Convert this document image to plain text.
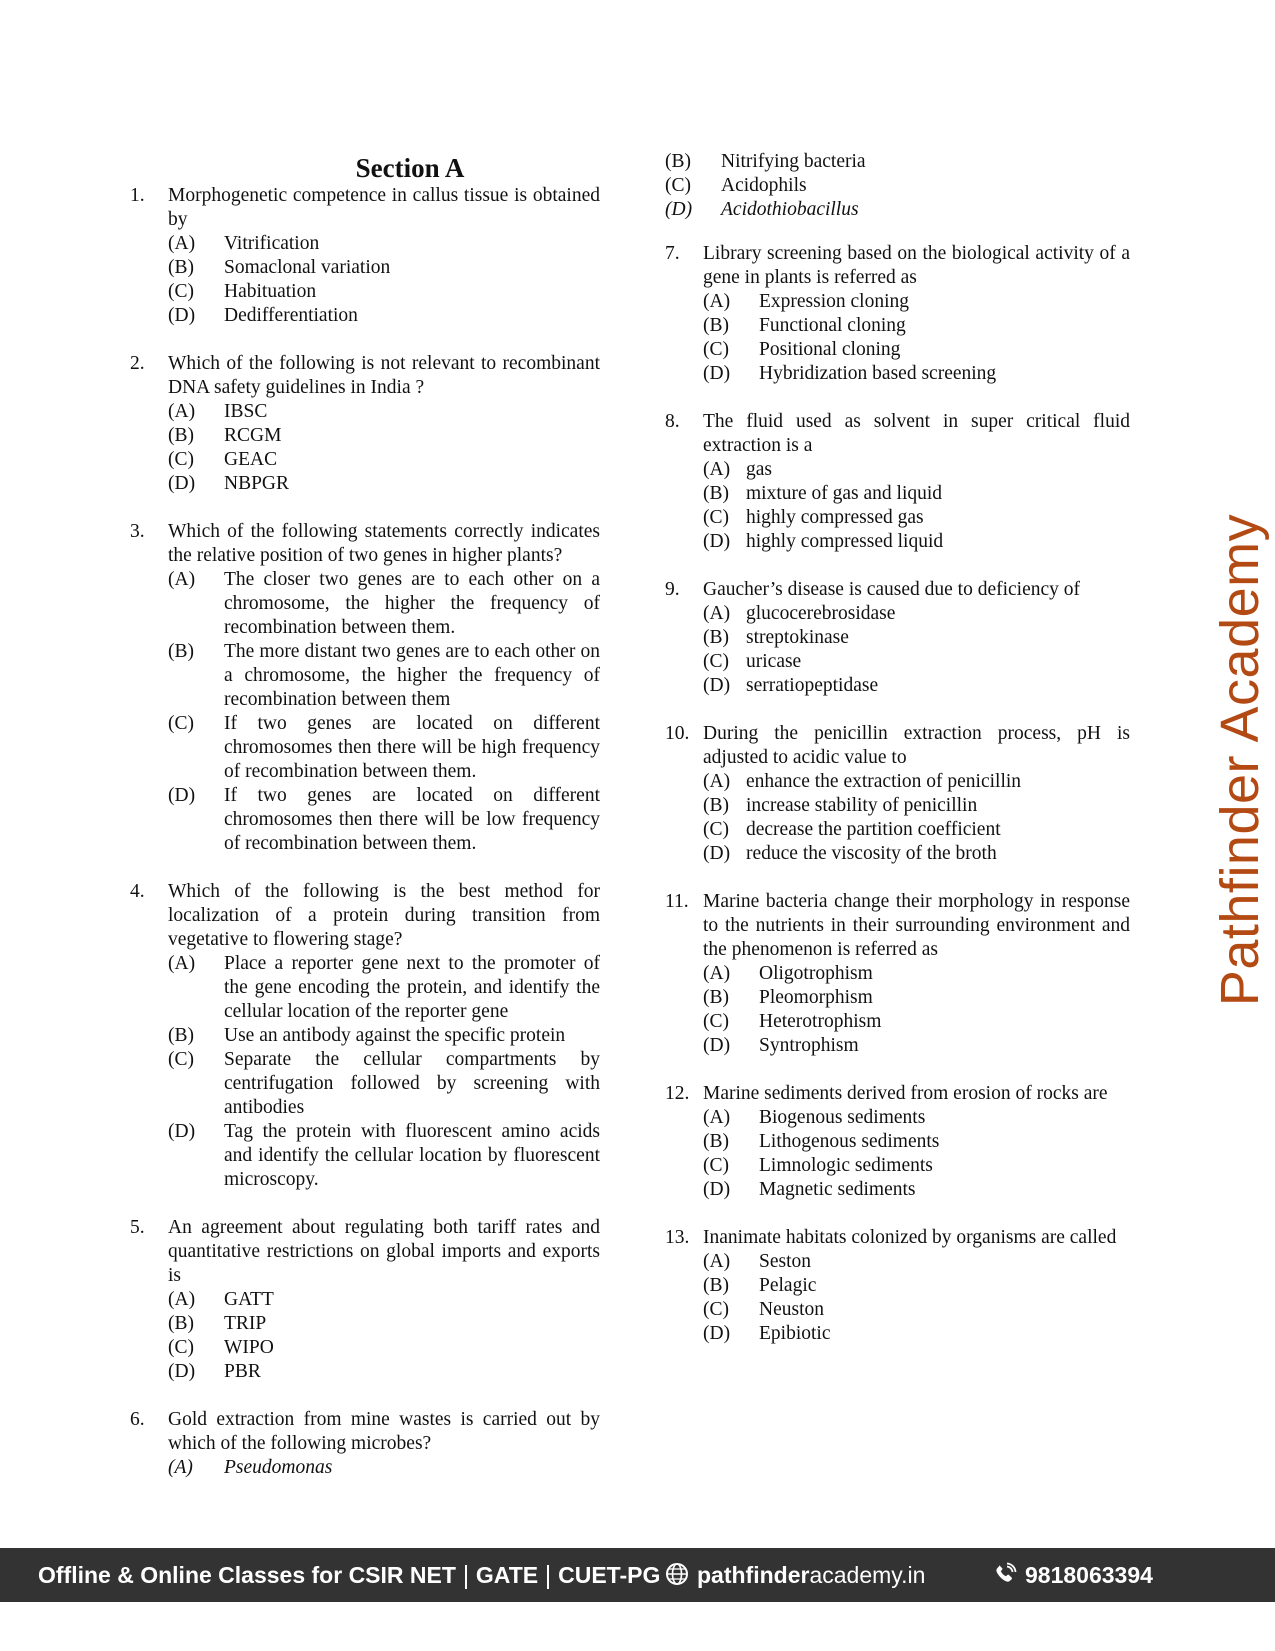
Section A
1.	Morphogenetic competence in callus tissue is obtained by
(A)	Vitrification
(B)	Somaclonal variation
(C)	Habituation
(D)	Dedifferentiation
2.	Which of the following is not relevant to recombinant DNA safety guidelines in India ?
(A)	IBSC
(B)	RCGM
(C)	GEAC
(D)	NBPGR
3.	Which of the following statements correctly indicates the relative position of two genes in higher plants?
(A)	The closer two genes are to each other on a chromosome, the higher the frequency of recombination between them.
(B)	The more distant two genes are to each other on a chromosome, the higher the frequency of recombination between them
(C)	If two genes are located on different chromosomes then there will be high frequency of recombination between them.
(D)	If two genes are located on different chromosomes then there will be low frequency of recombination between them.
4.	Which of the following is the best method for localization of a protein during transition from vegetative to flowering stage?
(A)	Place a reporter gene next to the promoter of the gene encoding the protein, and identify the cellular location of the reporter gene
(B)	Use an antibody against the specific protein
(C)	Separate the cellular compartments by centrifugation followed by screening with antibodies
(D)	Tag the protein with fluorescent amino acids and identify the cellular location by fluorescent microscopy.
5.	An agreement about regulating both tariff rates and quantitative restrictions on global imports and exports is
(A)	GATT
(B)	TRIP
(C)	WIPO
(D)	PBR
6.	Gold extraction from mine wastes is carried out by which of the following microbes?
(A)	Pseudomonas
(B)	Nitrifying bacteria
(C)	Acidophils
(D)	Acidothiobacillus
7.	Library screening based on the biological activity of a gene in plants is referred as
(A)	Expression cloning
(B)	Functional cloning
(C)	Positional cloning
(D)	Hybridization based screening
8.	The fluid used as solvent in super critical fluid extraction is a
(A) gas
(B) mixture of gas and liquid
(C) highly compressed gas
(D) highly compressed liquid
9.	Gaucher’s disease is caused due to deficiency of
(A) glucocerebrosidase
(B) streptokinase
(C) uricase
(D) serratiopeptidase
10. During the penicillin extraction process, pH is adjusted to acidic value to
(A) enhance the extraction of penicillin
(B) increase stability of penicillin
(C) decrease the partition coefficient
(D) reduce the viscosity of the broth
11. Marine bacteria change their morphology in response to the nutrients in their surrounding environment and the phenomenon is referred as
(A)	Oligotrophism
(B)	Pleomorphism
(C)	Heterotrophism
(D)	Syntrophism
12. Marine sediments derived from erosion of rocks are
(A)	Biogenous sediments
(B)	Lithogenous sediments
(C)	Limnologic sediments
(D)	Magnetic sediments
13. Inanimate habitats colonized by organisms are called
(A)	Seston
(B)	Pelagic
(C)	Neuston
(D)	Epibiotic
Pathfinder Academy
Offline & Online Classes for CSIR NET GATE CUET-PG	pathfinderacademy.in	9818063394
